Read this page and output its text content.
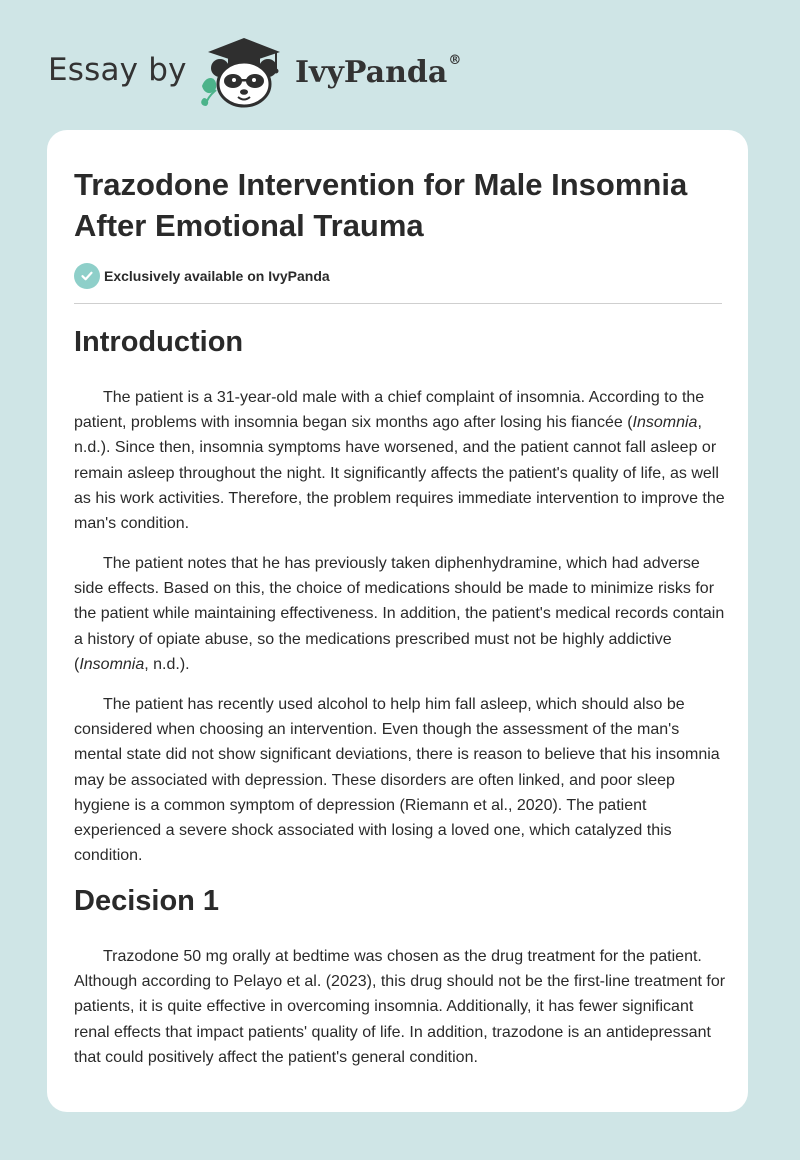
Essay by	IvyPanda®
Trazodone Intervention for Male Insomnia After Emotional Trauma
Exclusively available on IvyPanda
Introduction

The patient is a 31-year-old male with a chief complaint of insomnia. According to the patient, problems with insomnia began six months ago after losing his fiancée (Insomnia, n.d.). Since then, insomnia symptoms have worsened, and the patient cannot fall asleep or remain asleep throughout the night. It significantly affects the patient's quality of life, as well as his work activities. Therefore, the problem requires immediate intervention to improve the man's condition.

The patient notes that he has previously taken diphenhydramine, which had adverse side effects. Based on this, the choice of medications should be made to minimize risks for the patient while maintaining effectiveness. In addition, the patient's medical records contain a history of opiate abuse, so the medications prescribed must not be highly addictive (Insomnia, n.d.).

The patient has recently used alcohol to help him fall asleep, which should also be considered when choosing an intervention. Even though the assessment of the man's mental state did not show significant deviations, there is reason to believe that his insomnia may be associated with depression. These disorders are often linked, and poor sleep hygiene is a common symptom of depression (Riemann et al., 2020). The patient experienced a severe shock associated with losing a loved one, which catalyzed this condition.

Decision 1

Trazodone 50 mg orally at bedtime was chosen as the drug treatment for the patient. Although according to Pelayo et al. (2023), this drug should not be the first-line treatment for patients, it is quite effective in overcoming insomnia. Additionally, it has fewer significant renal effects that impact patients' quality of life. In addition, trazodone is an antidepressant that could positively affect the patient's general condition.
